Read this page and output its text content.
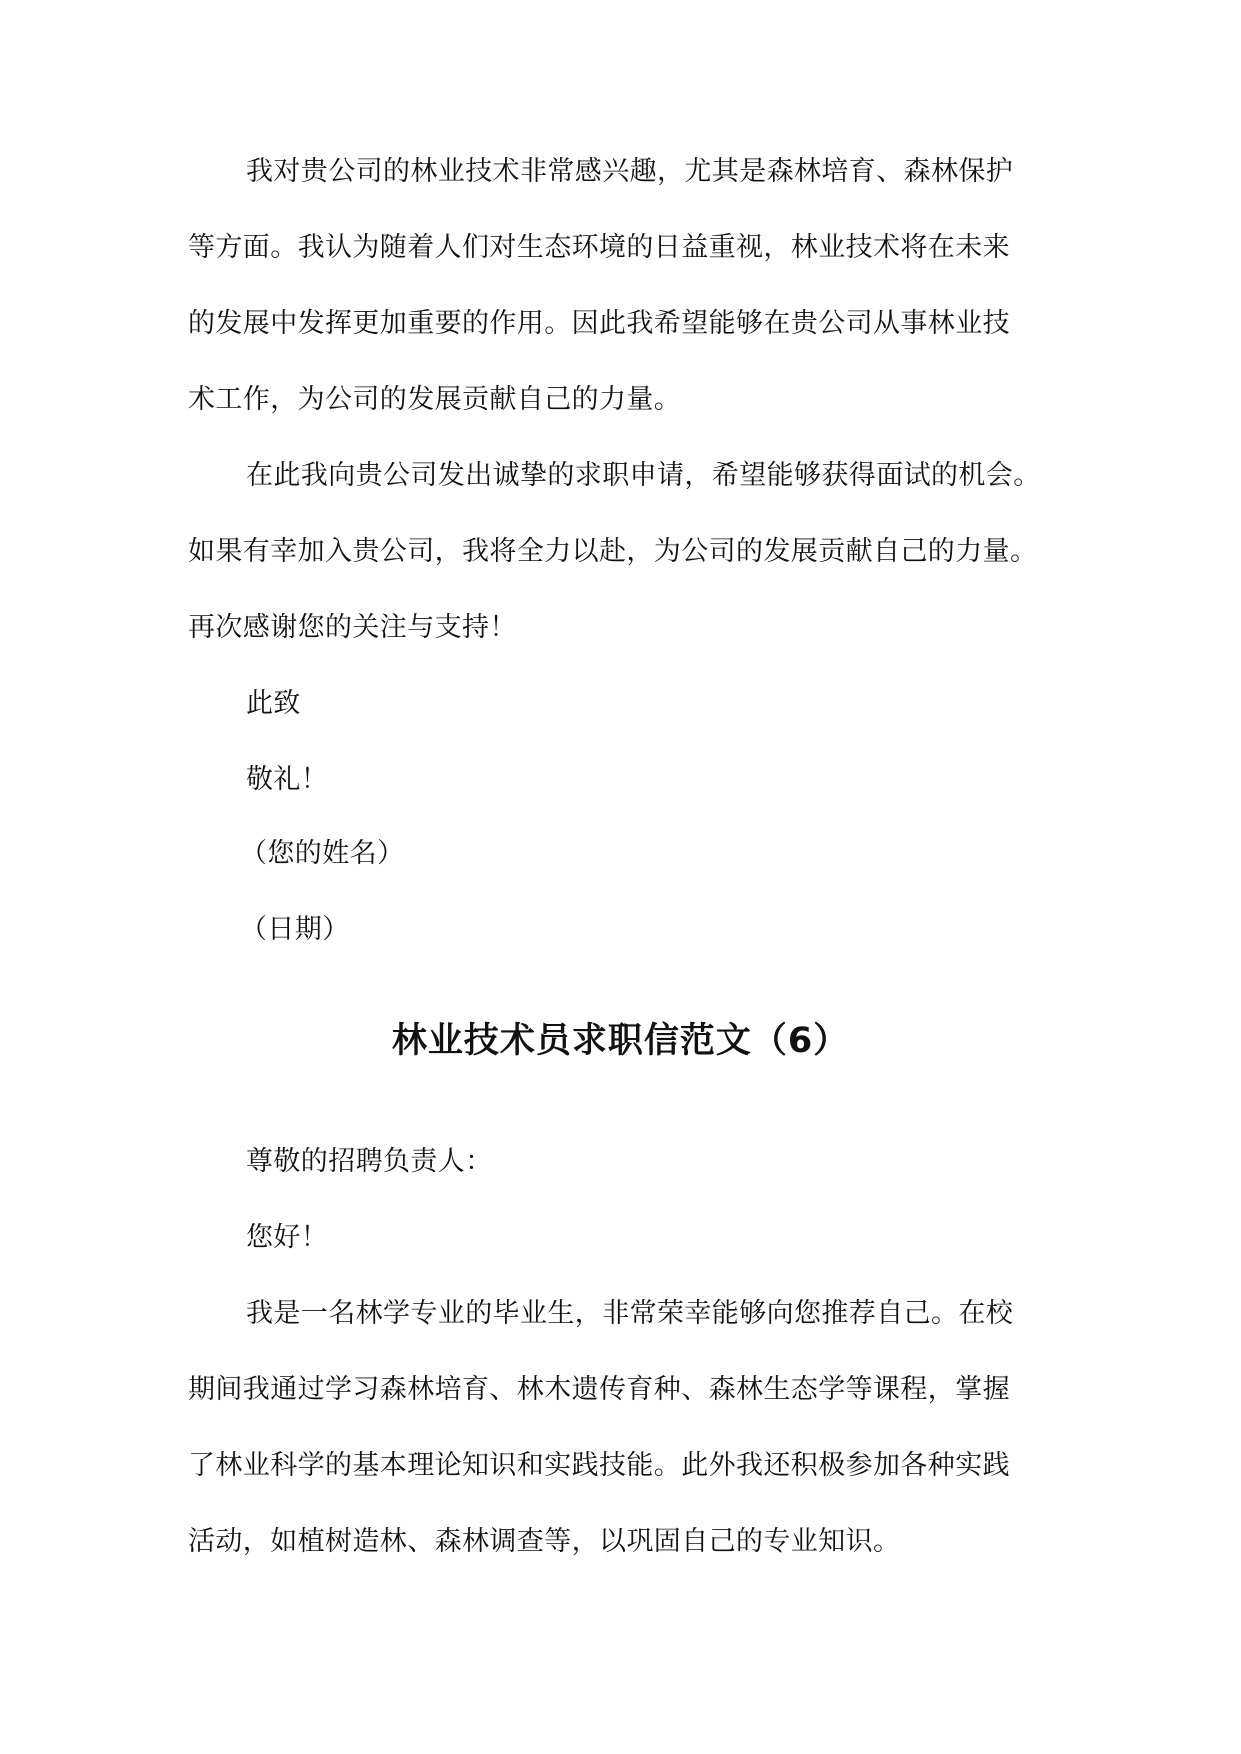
我对贵公司的林业技术非常感兴趣，尤其是森林培育、森林保护
等方面。我认为随着人们对生态环境的日益重视，林业技术将在未来
的发展中发挥更加重要的作用。因此我希望能够在贵公司从事林业技
术工作，为公司的发展贡献自己的力量。
在此我向贵公司发出诚挚的求职申请，希望能够获得面试的机会。
如果有幸加入贵公司，我将全力以赴，为公司的发展贡献自己的力量。
再次感谢您的关注与支持！
此致
敬礼！
（您的姓名）
（日期）
林业技术员求职信范文（6）
尊敬的招聘负责人：
您好！
我是一名林学专业的毕业生，非常荣幸能够向您推荐自己。在校
期间我通过学习森林培育、林木遗传育种、森林生态学等课程，掌握
了林业科学的基本理论知识和实践技能。此外我还积极参加各种实践
活动，如植树造林、森林调查等，以巩固自己的专业知识。
